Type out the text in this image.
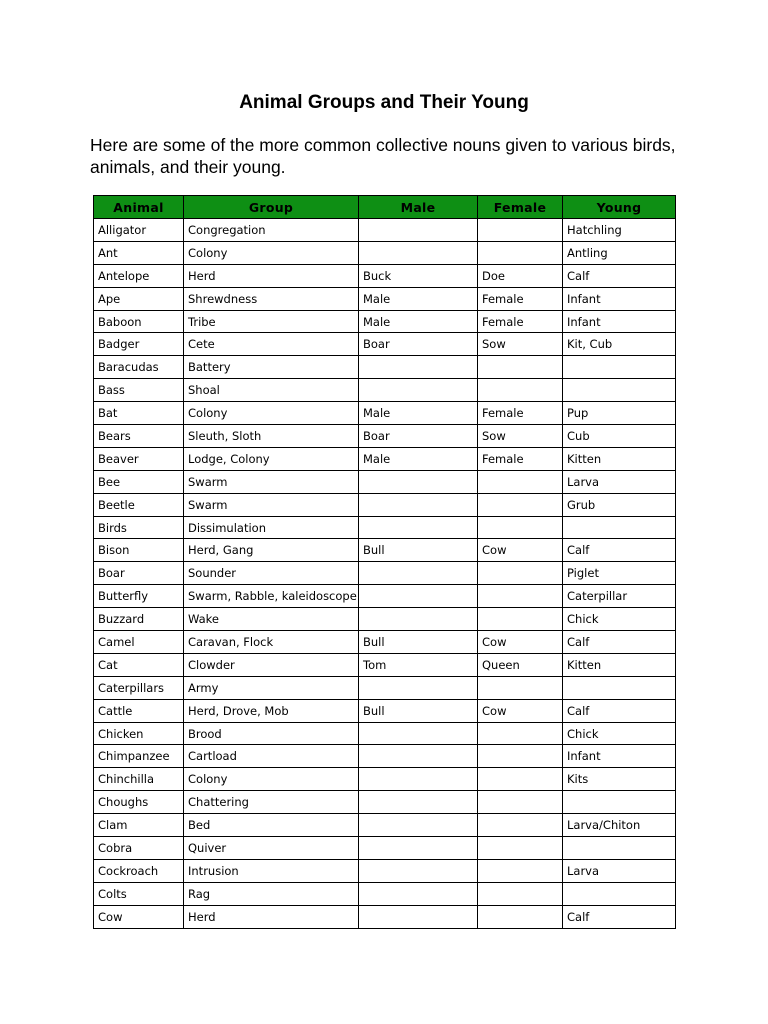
Animal Groups and Their Young
Here are some of the more common collective nouns given to various birds, animals, and their young.
Animal	Group	Male	Female	Young
Alligator	Congregation			Hatchling
Ant	Colony			Antling
Antelope	Herd	Buck	Doe	Calf
Ape	Shrewdness	Male	Female	Infant
Baboon	Tribe	Male	Female	Infant
Badger	Cete	Boar	Sow	Kit, Cub
Baracudas	Battery			
Bass	Shoal			
Bat	Colony	Male	Female	Pup
Bears	Sleuth, Sloth	Boar	Sow	Cub
Beaver	Lodge, Colony	Male	Female	Kitten
Bee	Swarm			Larva
Beetle	Swarm			Grub
Birds	Dissimulation			
Bison	Herd, Gang	Bull	Cow	Calf
Boar	Sounder			Piglet
Butterfly	Swarm, Rabble, kaleidoscope			Caterpillar
Buzzard	Wake			Chick
Camel	Caravan, Flock	Bull	Cow	Calf
Cat	Clowder	Tom	Queen	Kitten
Caterpillars	Army			
Cattle	Herd, Drove, Mob	Bull	Cow	Calf
Chicken	Brood			Chick
Chimpanzee	Cartload			Infant
Chinchilla	Colony			Kits
Choughs	Chattering			
Clam	Bed			Larva/Chiton
Cobra	Quiver			
Cockroach	Intrusion			Larva
Colts	Rag			
Cow	Herd			Calf
